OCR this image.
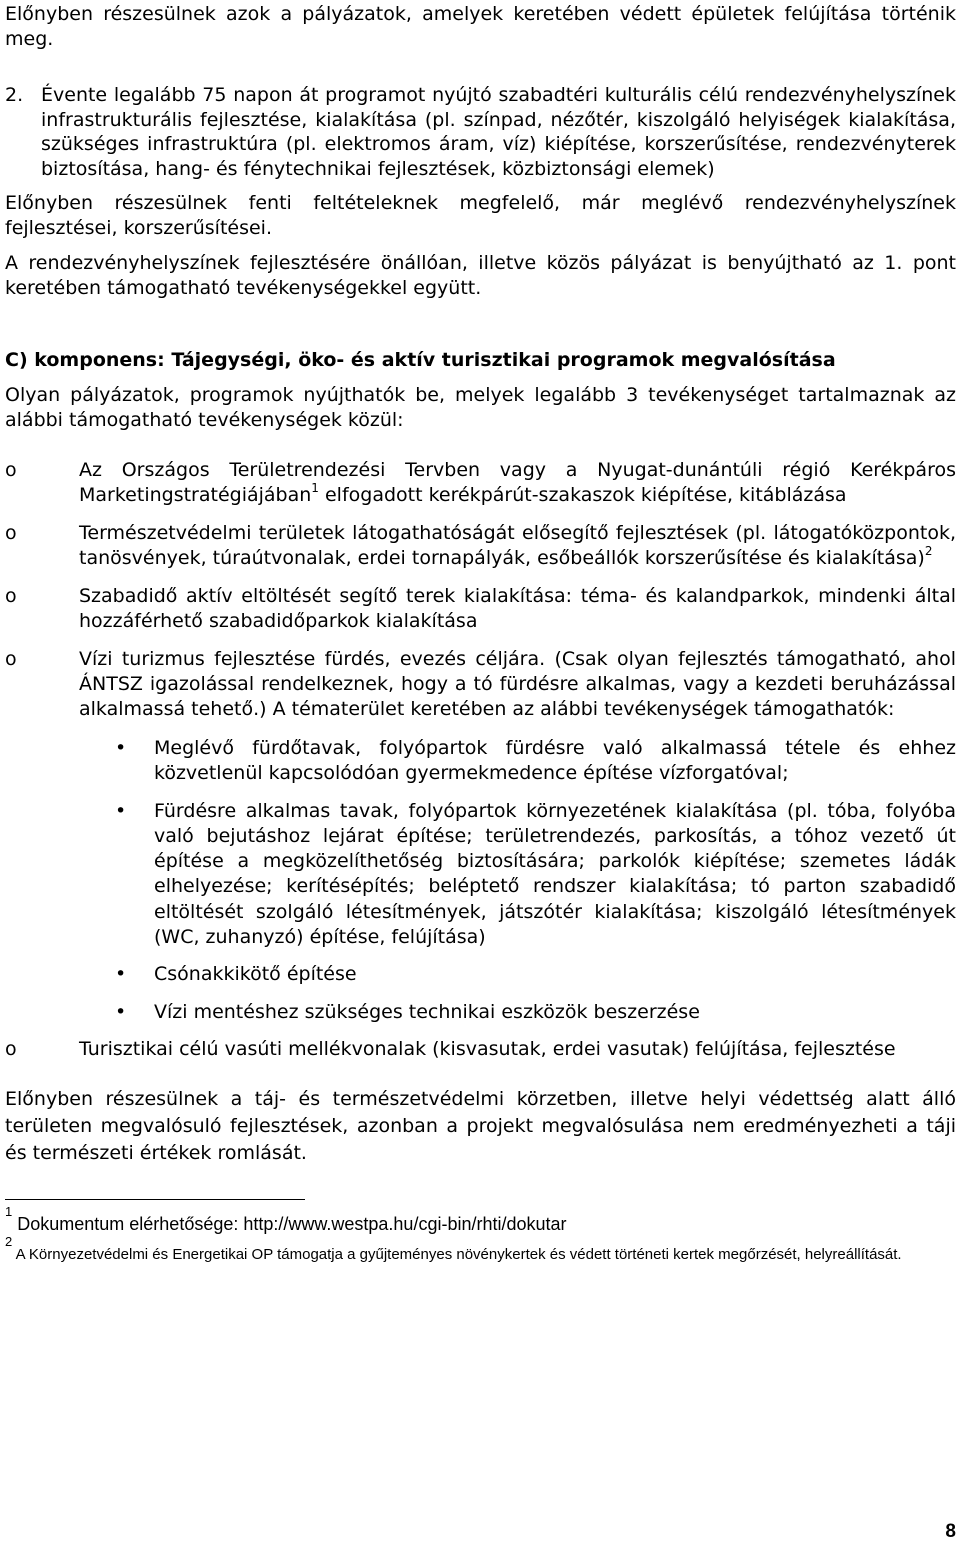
Előnyben részesülnek azok a pályázatok, amelyek keretében védett épületek felújítása történik meg.

2. Évente legalább 75 napon át programot nyújtó szabadtéri kulturális célú rendezvényhelyszínek infrastrukturális fejlesztése, kialakítása (pl. színpad, nézőtér, kiszolgáló helyiségek kialakítása, szükséges infrastruktúra (pl. elektromos áram, víz) kiépítése, korszerűsítése, rendezvényterek biztosítása, hang- és fénytechnikai fejlesztések, közbiztonsági elemek)

Előnyben részesülnek fenti feltételeknek megfelelő, már meglévő rendezvényhelyszínek fejlesztései, korszerűsítései.

A rendezvényhelyszínek fejlesztésére önállóan, illetve közös pályázat is benyújtható az 1. pont keretében támogatható tevékenységekkel együtt.

C) komponens: Tájegységi, öko- és aktív turisztikai programok megvalósítása

Olyan pályázatok, programok nyújthatók be, melyek legalább 3 tevékenységet tartalmaznak az alábbi támogatható tevékenységek közül:

o	Az Országos Területrendezési Tervben vagy a Nyugat-dunántúli régió Kerékpáros Marketingstratégiájában$^1$ elfogadott kerékpárút-szakaszok kiépítése, kitáblázása
o	Természetvédelmi területek látogathatóságát elősegítő fejlesztések (pl. látogatóközpontok, tanösvények, túraútvonalak, erdei tornapályák, esőbeállók korszerűsítése és kialakítása)$^2$
o	Szabadidő aktív eltöltését segítő terek kialakítása: téma- és kalandparkok, mindenki által hozzáférhető szabadidőparkok kialakítása
o	Vízi turizmus fejlesztése fürdés, evezés céljára. (Csak olyan fejlesztés támogatható, ahol ÁNTSZ igazolással rendelkeznek, hogy a tó fürdésre alkalmas, vagy a kezdeti beruházással alkalmassá tehető.) A tématerület keretében az alábbi tevékenységek támogathatók:
•	Meglévő fürdőtavak, folyópartok fürdésre való alkalmassá tétele és ehhez közvetlenül kapcsolódóan gyermekmedence építése vízforgatóval;
•	Fürdésre alkalmas tavak, folyópartok környezetének kialakítása (pl. tóba, folyóba való bejutáshoz lejárat építése; területrendezés, parkosítás, a tóhoz vezető út építése a megközelíthetőség biztosítására; parkolók kiépítése; szemetes ládák elhelyezése; kerítésépítés; beléptető rendszer kialakítása; tó parton szabadidő eltöltését szolgáló létesítmények, játszótér kialakítása; kiszolgáló létesítmények (WC, zuhanyzó) építése, felújítása)
•	Csónakkikötő építése
•	Vízi mentéshez szükséges technikai eszközök beszerzése
o	Turisztikai célú vasúti mellékvonalak (kisvasutak, erdei vasutak) felújítása, fejlesztése

Előnyben részesülnek a táj- és természetvédelmi körzetben, illetve helyi védettség alatt álló területen megvalósuló fejlesztések, azonban a projekt megvalósulása nem eredményezheti a táji és természeti értékek romlását.

$^1$ Dokumentum elérhetősége: http://www.westpa.hu/cgi-bin/rhti/dokutar
$^2$ A Környezetvédelmi és Energetikai OP támogatja a gyűjteményes növénykertek és védett történeti kertek megőrzését, helyreállítását.
8
